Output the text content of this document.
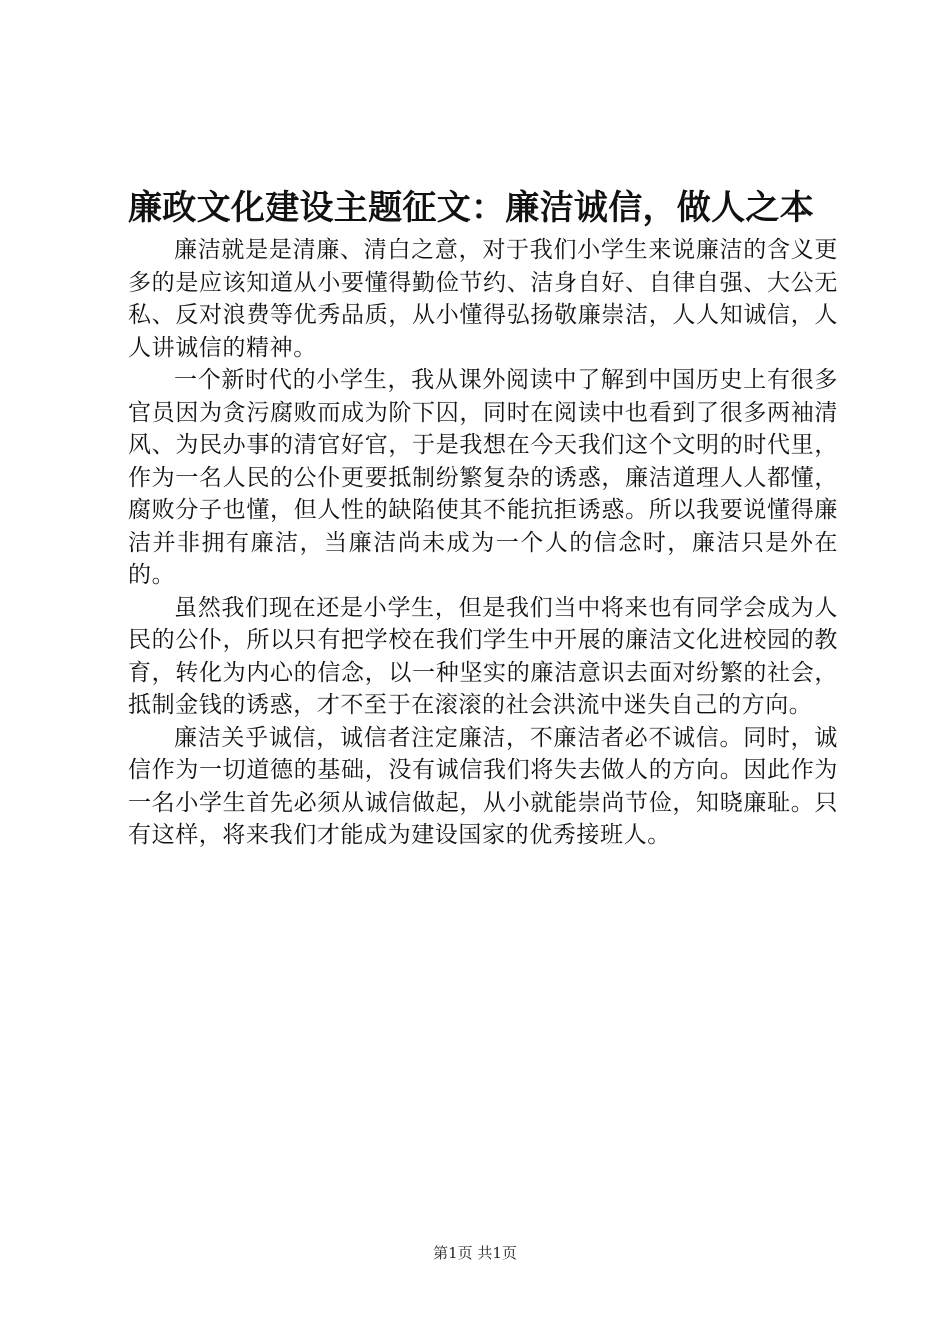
廉政文化建设主题征文：廉洁诚信，做人之本

廉洁就是是清廉、清白之意，对于我们小学生来说廉洁的含义更多的是应该知道从小要懂得勤俭节约、洁身自好、自律自强、大公无私、反对浪费等优秀品质，从小懂得弘扬敬廉崇洁，人人知诚信，人人讲诚信的精神。

一个新时代的小学生，我从课外阅读中了解到中国历史上有很多官员因为贪污腐败而成为阶下囚，同时在阅读中也看到了很多两袖清风、为民办事的清官好官，于是我想在今天我们这个文明的时代里，作为一名人民的公仆更要抵制纷繁复杂的诱惑，廉洁道理人人都懂，腐败分子也懂，但人性的缺陷使其不能抗拒诱惑。所以我要说懂得廉洁并非拥有廉洁，当廉洁尚未成为一个人的信念时，廉洁只是外在的。

虽然我们现在还是小学生，但是我们当中将来也有同学会成为人民的公仆，所以只有把学校在我们学生中开展的廉洁文化进校园的教育，转化为内心的信念，以一种坚实的廉洁意识去面对纷繁的社会，抵制金钱的诱惑，才不至于在滚滚的社会洪流中迷失自己的方向。

廉洁关乎诚信，诚信者注定廉洁，不廉洁者必不诚信。同时，诚信作为一切道德的基础，没有诚信我们将失去做人的方向。因此作为一名小学生首先必须从诚信做起，从小就能崇尚节俭，知晓廉耻。只有这样，将来我们才能成为建设国家的优秀接班人。

第1页 共1页
